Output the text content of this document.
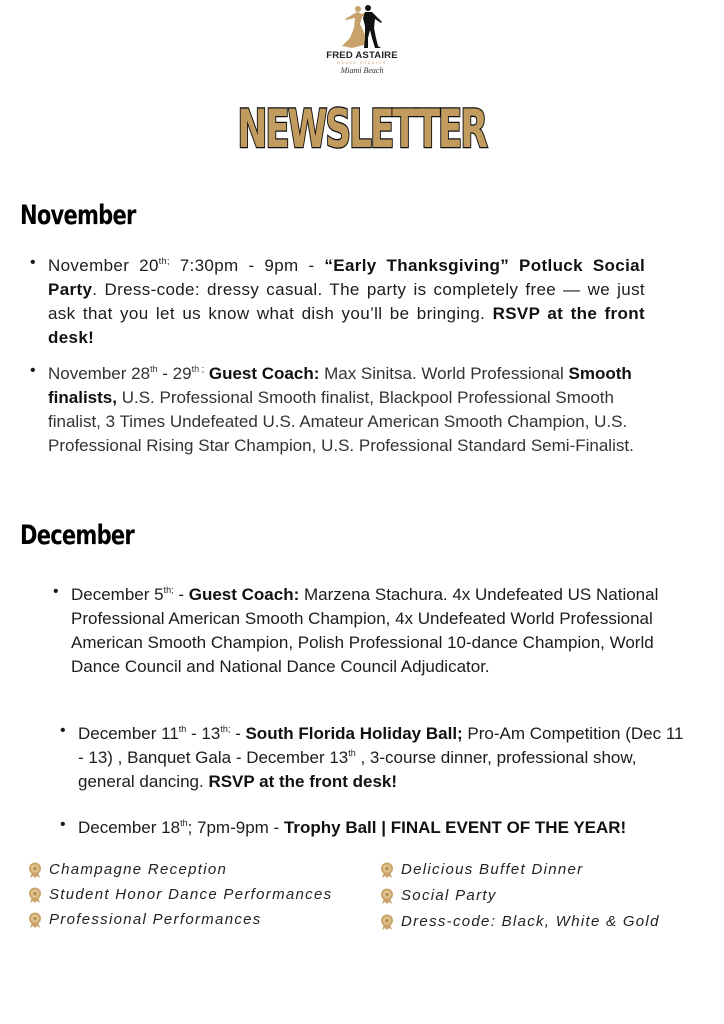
FRED ASTAIRE
DANCE STUDIOS
Miami Beach
NEWSLETTER
November
• November $20^{th;}$ 7:30pm - 9pm - “Early Thanksgiving” Potluck Social Party. Dress-code: dressy casual. The party is completely free — we just ask that you let us know what dish you’ll be bringing. RSVP at the front desk!
• November $28th - 29^{th ;}$ Guest Coach: Max Sinitsa. World Professional Smooth finalists, U.S. Professional Smooth finalist, Blackpool Professional Smooth finalist, 3 Times Undefeated U.S. Amateur American Smooth Champion, U.S. Professional Rising Star Champion, U.S. Professional Standard Semi-Finalist.
December
• December $5^{th;}$ - Guest Coach: Marzena Stachura. 4x Undefeated US National Professional American Smooth Champion, 4x Undefeated World Professional American Smooth Champion, Polish Professional 10-dance Champion, World Dance Council and National Dance Council Adjudicator.
• December $11th - 13^{th;}$ - South Florida Holiday Ball; Pro-Am Competition (Dec 11 - 13) , Banquet Gala - December 13th , 3-course dinner, professional show, general dancing. RSVP at the front desk!
• December 18th; 7pm-9pm - Trophy Ball | FINAL EVENT OF THE YEAR!
Champagne Reception
Student Honor Dance Performances
Professional Performances
Delicious Buffet Dinner
Social Party
Dress-code: Black, White & Gold
